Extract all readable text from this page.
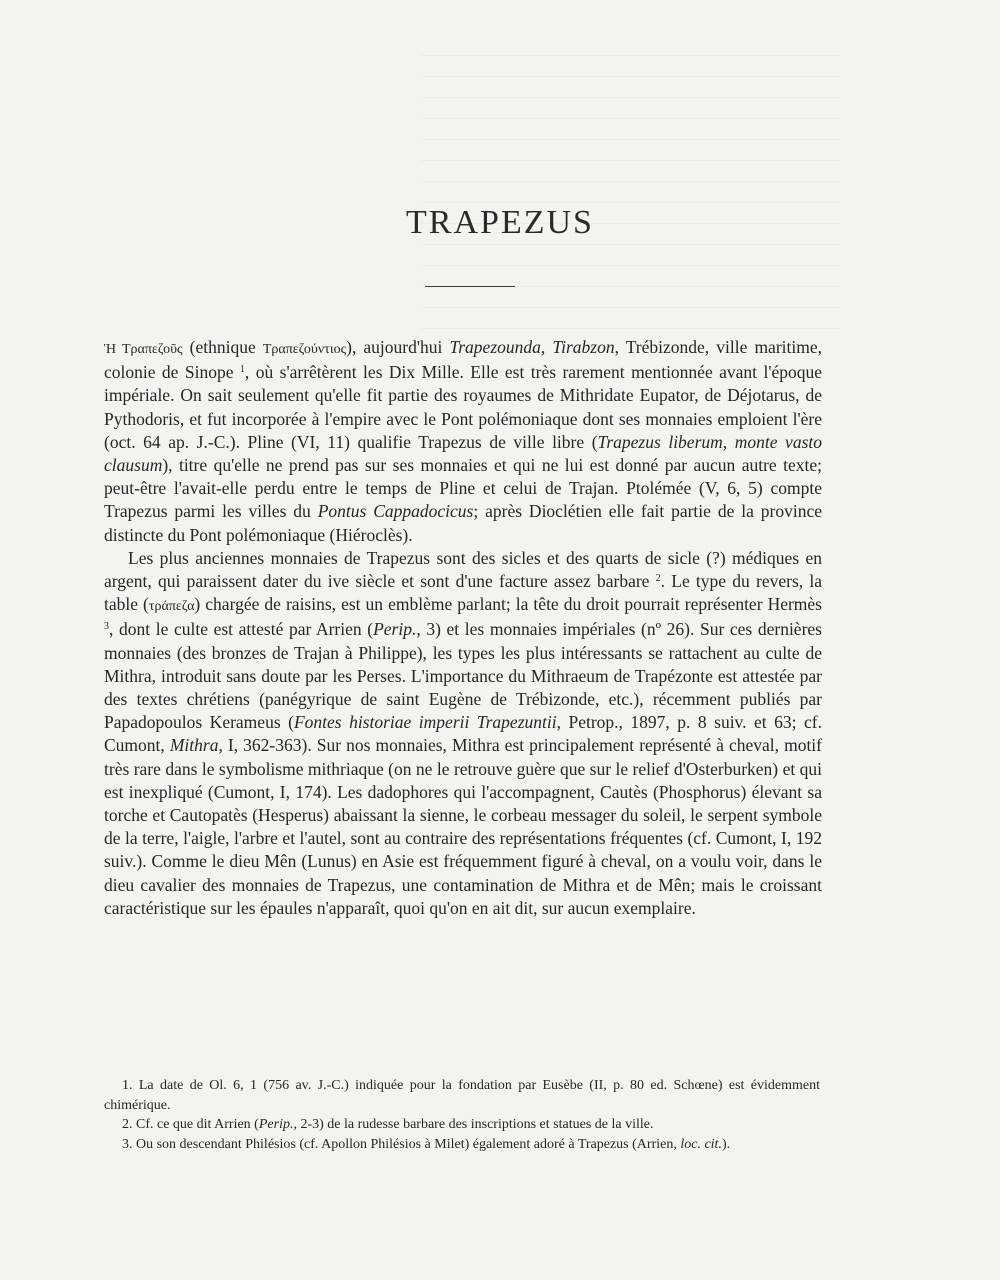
TRAPEZUS

Ἡ Τραπεζοῦς (ethnique Τραπεζούντιος), aujourd'hui Trapezounda, Tirabzon, Trébizonde, ville maritime, colonie de Sinope $^1$, où s'arrêtèrent les Dix Mille. Elle est très rarement mentionnée avant l'époque impériale. On sait seulement qu'elle fit partie des royaumes de Mithridate Eupator, de Déjotarus, de Pythodoris, et fut incorporée à l'empire avec le Pont polémoniaque dont ses monnaies emploient l'ère (oct. 64 ap. J.-C.). Pline (VI, 11) qualifie Trapezus de ville libre (Trapezus liberum, monte vasto clausum), titre qu'elle ne prend pas sur ses monnaies et qui ne lui est donné par aucun autre texte; peut-être l'avait-elle perdu entre le temps de Pline et celui de Trajan. Ptolémée (V, 6, 5) compte Trapezus parmi les villes du Pontus Cappadocicus; après Dioclétien elle fait partie de la province distincte du Pont polémoniaque (Hiéroclès).

Les plus anciennes monnaies de Trapezus sont des sicles et des quarts de sicle (?) médiques en argent, qui paraissent dater du ive siècle et sont d'une facture assez barbare $^2$. Le type du revers, la table (τράπεζα) chargée de raisins, est un emblème parlant; la tête du droit pourrait représenter Hermès $^3$, dont le culte est attesté par Arrien (Perip., 3) et les monnaies impériales (nº 26). Sur ces dernières monnaies (des bronzes de Trajan à Philippe), les types les plus intéressants se rattachent au culte de Mithra, introduit sans doute par les Perses. L'importance du Mithraeum de Trapézonte est attestée par des textes chrétiens (panégyrique de saint Eugène de Trébizonde, etc.), récemment publiés par Papadopoulos Kerameus (Fontes historiae imperii Trapezuntii, Petrop., 1897, p. 8 suiv. et 63; cf. Cumont, Mithra, I, 362-363). Sur nos monnaies, Mithra est principalement représenté à cheval, motif très rare dans le symbolisme mithriaque (on ne le retrouve guère que sur le relief d'Osterburken) et qui est inexpliqué (Cumont, I, 174). Les dadophores qui l'accompagnent, Cautès (Phosphorus) élevant sa torche et Cautopatès (Hesperus) abaissant la sienne, le corbeau messager du soleil, le serpent symbole de la terre, l'aigle, l'arbre et l'autel, sont au contraire des représentations fréquentes (cf. Cumont, I, 192 suiv.). Comme le dieu Mên (Lunus) en Asie est fréquemment figuré à cheval, on a voulu voir, dans le dieu cavalier des monnaies de Trapezus, une contamination de Mithra et de Mên; mais le croissant caractéristique sur les épaules n'apparaît, quoi qu'on en ait dit, sur aucun exemplaire.

1. La date de Ol. 6, 1 (756 av. J.-C.) indiquée pour la fondation par Eusèbe (II, p. 80 ed. Schœne) est évidemment chimérique.

2. Cf. ce que dit Arrien (Perip., 2-3) de la rudesse barbare des inscriptions et statues de la ville.

3. Ou son descendant Philésios (cf. Apollon Philésios à Milet) également adoré à Trapezus (Arrien, loc. cit.).
